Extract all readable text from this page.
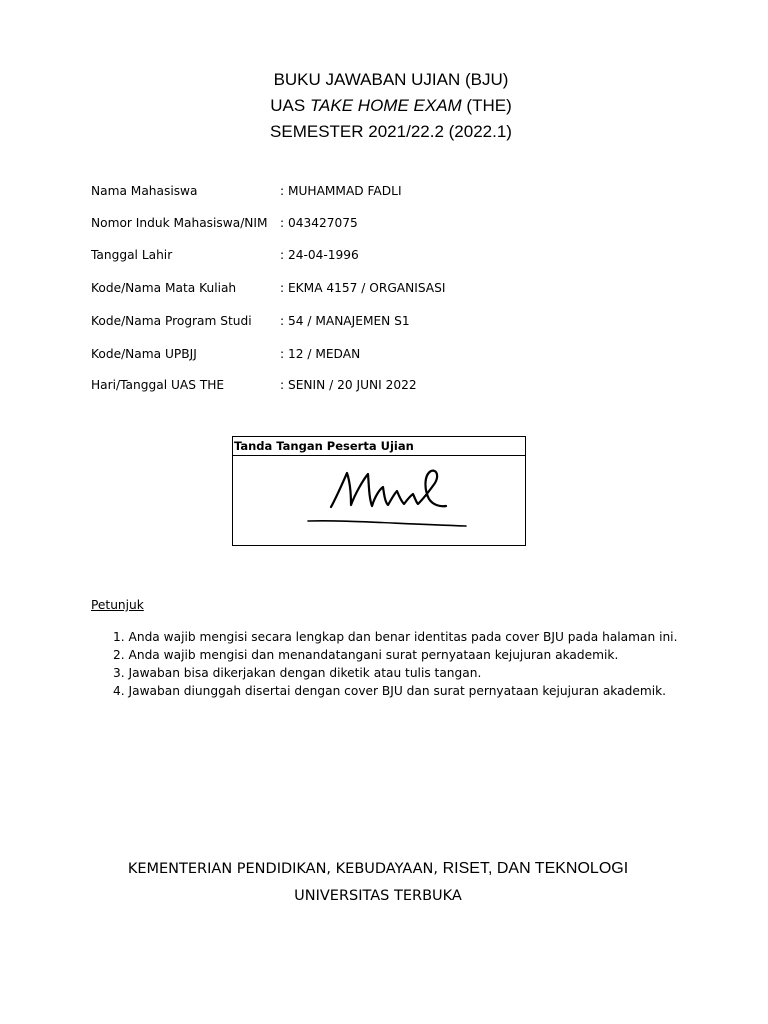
BUKU JAWABAN UJIAN (BJU)
UAS TAKE HOME EXAM (THE)
SEMESTER 2021/22.2 (2022.1)
Nama Mahasiswa	: MUHAMMAD FADLI
Nomor Induk Mahasiswa/NIM : 043427075
Tanggal Lahir	: 24-04-1996
Kode/Nama Mata Kuliah	: EKMA 4157 / ORGANISASI
Kode/Nama Program Studi : 54 / MANAJEMEN S1
Kode/Nama UPBJJ	: 12 / MEDAN
Hari/Tanggal UAS THE	: SENIN / 20 JUNI 2022
Tanda Tangan Peserta Ujian
Petunjuk
1. Anda wajib mengisi secara lengkap dan benar identitas pada cover BJU pada halaman ini.
2. Anda wajib mengisi dan menandatangani surat pernyataan kejujuran akademik.
3. Jawaban bisa dikerjakan dengan diketik atau tulis tangan.
4. Jawaban diunggah disertai dengan cover BJU dan surat pernyataan kejujuran akademik.
KEMENTERIAN PENDIDIKAN, KEBUDAYAAN, RISET, DAN TEKNOLOGI
UNIVERSITAS TERBUKA
